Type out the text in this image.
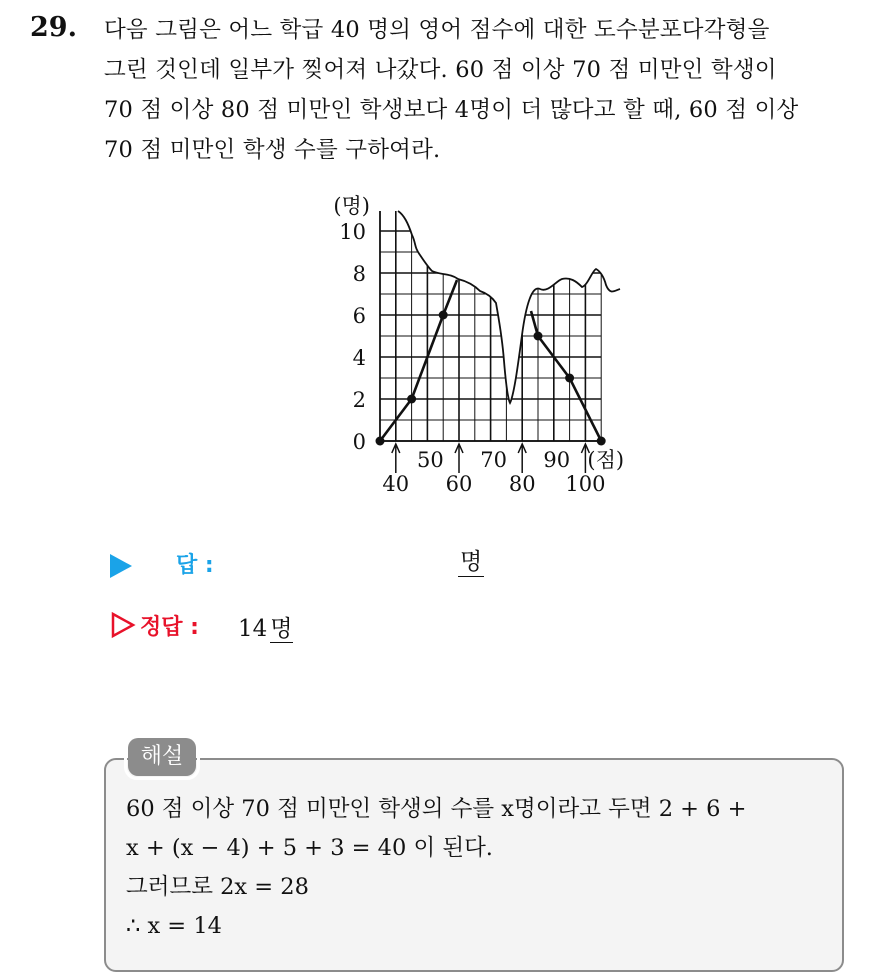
29. 다음 그림은 어느 학급 40 명의 영어 점수에 대한 도수분포다각형을
그린 것인데 일부가 찢어져 나갔다. 60 점 이상 70 점 미만인 학생이
70 점 이상 80 점 미만인 학생보다 4명이 더 많다고 할 때, 60 점 이상
70 점 미만인 학생 수를 구하여라.
0
2
4
6
8
10
(명)
50 70 90
40 60 80 100
(점)
답 :	명
정답 : 14 명
해설
60 점 이상 70 점 미만인 학생의 수를 x명이라고 두면 2 + 6 +
x + (x − 4) + 5 + 3 = 40 이 된다.
그러므로 2x = 28
∴ x = 14
